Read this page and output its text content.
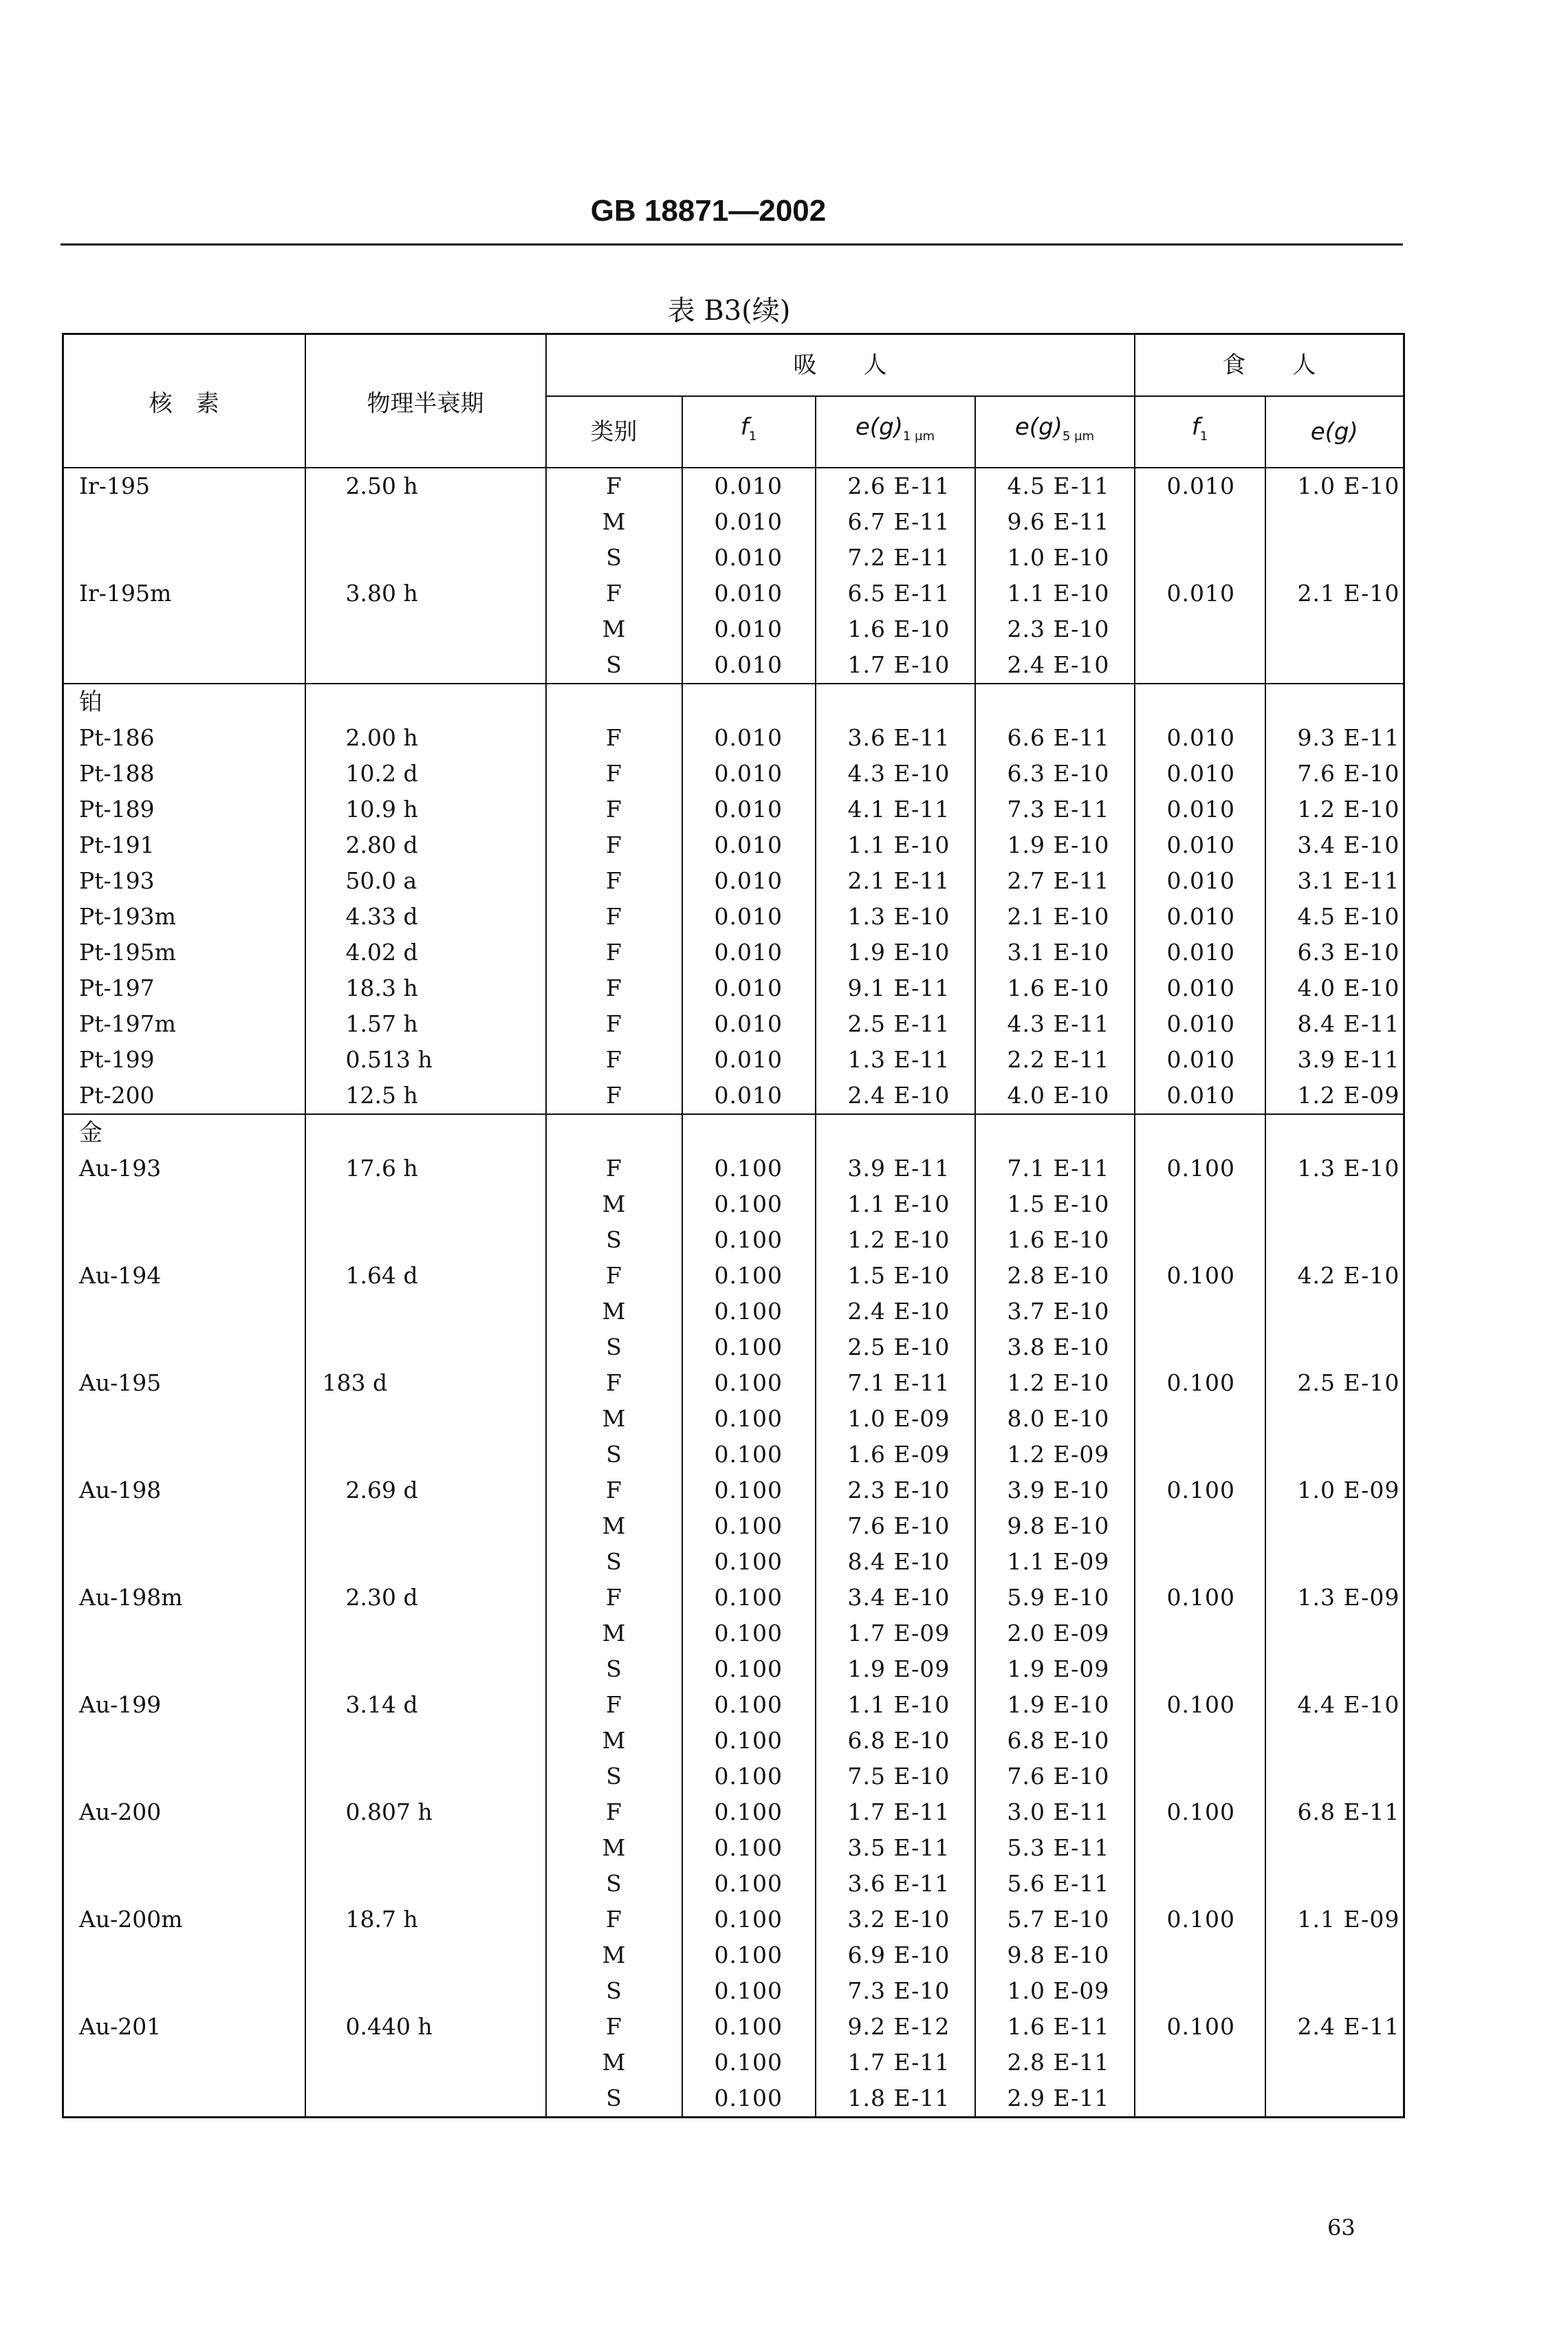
GB 18871—2002
表 B3(续)
核　素	物理半衰期	吸　　人				食　　人	
		类别	$f_1$	$e(g)_{1 \mu m}$	$e(g)_{5 \mu m}$	$f_1$	e(g)
Ir-195	2.50 h	F	0.010	2.6 E-11	4.5 E-11	0.010	1.0 E-10
		M	0.010	6.7 E-11	9.6 E-11		
		S	0.010	7.2 E-11	1.0 E-10		
Ir-195m	3.80 h	F	0.010	6.5 E-11	1.1 E-10	0.010	2.1 E-10
		M	0.010	1.6 E-10	2.3 E-10		
		S	0.010	1.7 E-10	2.4 E-10		
铂							
Pt-186	2.00 h	F	0.010	3.6 E-11	6.6 E-11	0.010	9.3 E-11
Pt-188	10.2 d	F	0.010	4.3 E-10	6.3 E-10	0.010	7.6 E-10
Pt-189	10.9 h	F	0.010	4.1 E-11	7.3 E-11	0.010	1.2 E-10
Pt-191	2.80 d	F	0.010	1.1 E-10	1.9 E-10	0.010	3.4 E-10
Pt-193	50.0 a	F	0.010	2.1 E-11	2.7 E-11	0.010	3.1 E-11
Pt-193m	4.33 d	F	0.010	1.3 E-10	2.1 E-10	0.010	4.5 E-10
Pt-195m	4.02 d	F	0.010	1.9 E-10	3.1 E-10	0.010	6.3 E-10
Pt-197	18.3 h	F	0.010	9.1 E-11	1.6 E-10	0.010	4.0 E-10
Pt-197m	1.57 h	F	0.010	2.5 E-11	4.3 E-11	0.010	8.4 E-11
Pt-199	0.513 h	F	0.010	1.3 E-11	2.2 E-11	0.010	3.9 E-11
Pt-200	12.5 h	F	0.010	2.4 E-10	4.0 E-10	0.010	1.2 E-09
金							
Au-193	17.6 h	F	0.100	3.9 E-11	7.1 E-11	0.100	1.3 E-10
		M	0.100	1.1 E-10	1.5 E-10		
		S	0.100	1.2 E-10	1.6 E-10		
Au-194	1.64 d	F	0.100	1.5 E-10	2.8 E-10	0.100	4.2 E-10
		M	0.100	2.4 E-10	3.7 E-10		
		S	0.100	2.5 E-10	3.8 E-10		
Au-195	183 d	F	0.100	7.1 E-11	1.2 E-10	0.100	2.5 E-10
		M	0.100	1.0 E-09	8.0 E-10		
		S	0.100	1.6 E-09	1.2 E-09		
Au-198	2.69 d	F	0.100	2.3 E-10	3.9 E-10	0.100	1.0 E-09
		M	0.100	7.6 E-10	9.8 E-10		
		S	0.100	8.4 E-10	1.1 E-09		
Au-198m	2.30 d	F	0.100	3.4 E-10	5.9 E-10	0.100	1.3 E-09
		M	0.100	1.7 E-09	2.0 E-09		
		S	0.100	1.9 E-09	1.9 E-09		
Au-199	3.14 d	F	0.100	1.1 E-10	1.9 E-10	0.100	4.4 E-10
		M	0.100	6.8 E-10	6.8 E-10		
		S	0.100	7.5 E-10	7.6 E-10		
Au-200	0.807 h	F	0.100	1.7 E-11	3.0 E-11	0.100	6.8 E-11
		M	0.100	3.5 E-11	5.3 E-11		
		S	0.100	3.6 E-11	5.6 E-11		
Au-200m	18.7 h	F	0.100	3.2 E-10	5.7 E-10	0.100	1.1 E-09
		M	0.100	6.9 E-10	9.8 E-10		
		S	0.100	7.3 E-10	1.0 E-09		
Au-201	0.440 h	F	0.100	9.2 E-12	1.6 E-11	0.100	2.4 E-11
		M	0.100	1.7 E-11	2.8 E-11		
		S	0.100	1.8 E-11	2.9 E-11		
63
